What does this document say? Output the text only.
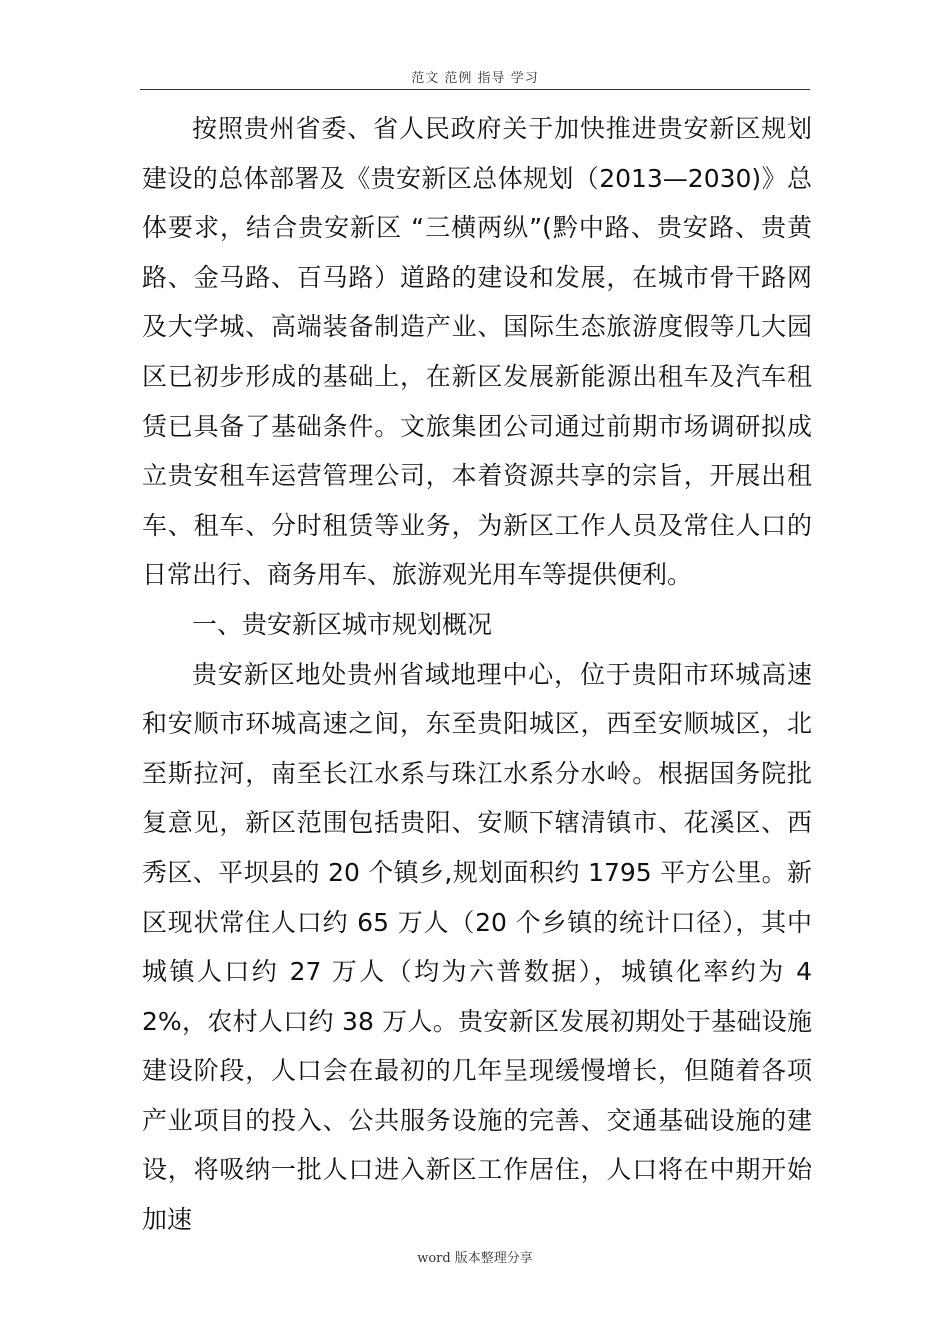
范文 范例 指导 学习

按照贵州省委、省人民政府关于加快推进贵安新区规划建设的总体部署及《贵安新区总体规划（2013—2030)》总体要求，结合贵安新区 “三横两纵”(黔中路、贵安路、贵黄路、金马路、百马路）道路的建设和发展，在城市骨干路网及大学城、高端装备制造产业、国际生态旅游度假等几大园区已初步形成的基础上，在新区发展新能源出租车及汽车租赁已具备了基础条件。文旅集团公司通过前期市场调研拟成立贵安租车运营管理公司，本着资源共享的宗旨，开展出租车、租车、分时租赁等业务，为新区工作人员及常住人口的日常出行、商务用车、旅游观光用车等提供便利。

一、贵安新区城市规划概况

贵安新区地处贵州省域地理中心，位于贵阳市环城高速和安顺市环城高速之间，东至贵阳城区，西至安顺城区，北至斯拉河，南至长江水系与珠江水系分水岭。根据国务院批复意见，新区范围包括贵阳、安顺下辖清镇市、花溪区、西秀区、平坝县的 20 个镇乡,规划面积约 1795 平方公里。新区现状常住人口约 65 万人（20 个乡镇的统计口径），其中城镇人口约 27 万人（均为六普数据），城镇化率约为 42%，农村人口约 38 万人。贵安新区发展初期处于基础设施建设阶段，人口会在最初的几年呈现缓慢增长，但随着各项产业项目的投入、公共服务设施的完善、交通基础设施的建设，将吸纳一批人口进入新区工作居住，人口将在中期开始加速

word 版本整理分享
